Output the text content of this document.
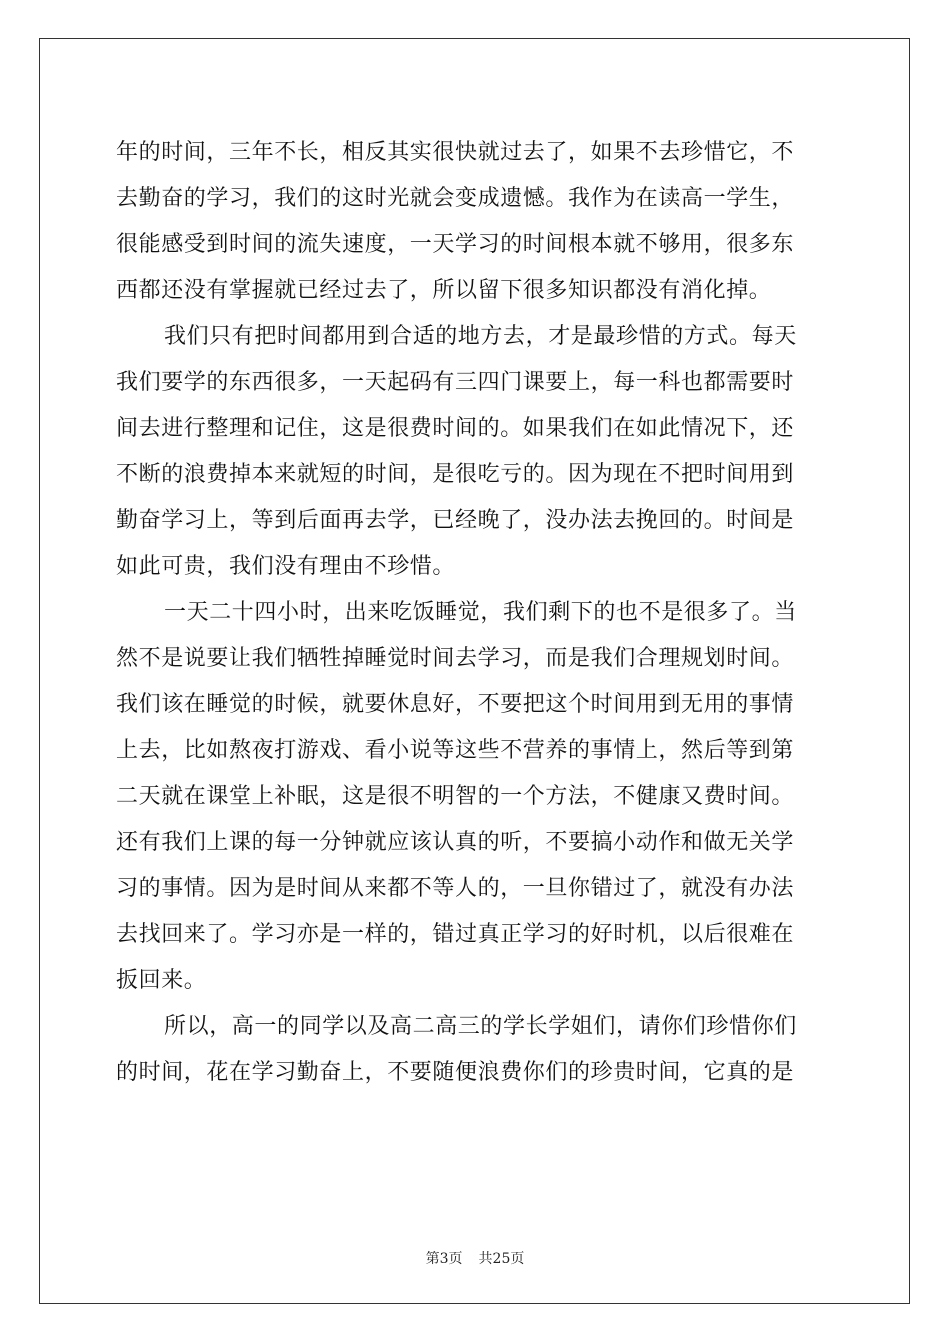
年的时间，三年不长，相反其实很快就过去了，如果不去珍惜它，不
去勤奋的学习，我们的这时光就会变成遗憾。我作为在读高一学生，
很能感受到时间的流失速度，一天学习的时间根本就不够用，很多东
西都还没有掌握就已经过去了，所以留下很多知识都没有消化掉。
我们只有把时间都用到合适的地方去，才是最珍惜的方式。每天
我们要学的东西很多，一天起码有三四门课要上，每一科也都需要时
间去进行整理和记住，这是很费时间的。如果我们在如此情况下，还
不断的浪费掉本来就短的时间，是很吃亏的。因为现在不把时间用到
勤奋学习上，等到后面再去学，已经晚了，没办法去挽回的。时间是
如此可贵，我们没有理由不珍惜。
一天二十四小时，出来吃饭睡觉，我们剩下的也不是很多了。当
然不是说要让我们牺牲掉睡觉时间去学习，而是我们合理规划时间。
我们该在睡觉的时候，就要休息好，不要把这个时间用到无用的事情
上去，比如熬夜打游戏、看小说等这些不营养的事情上，然后等到第
二天就在课堂上补眠，这是很不明智的一个方法，不健康又费时间。
还有我们上课的每一分钟就应该认真的听，不要搞小动作和做无关学
习的事情。因为是时间从来都不等人的，一旦你错过了，就没有办法
去找回来了。学习亦是一样的，错过真正学习的好时机，以后很难在
扳回来。
所以，高一的同学以及高二高三的学长学姐们，请你们珍惜你们
的时间，花在学习勤奋上，不要随便浪费你们的珍贵时间，它真的是
第3页 共25页
